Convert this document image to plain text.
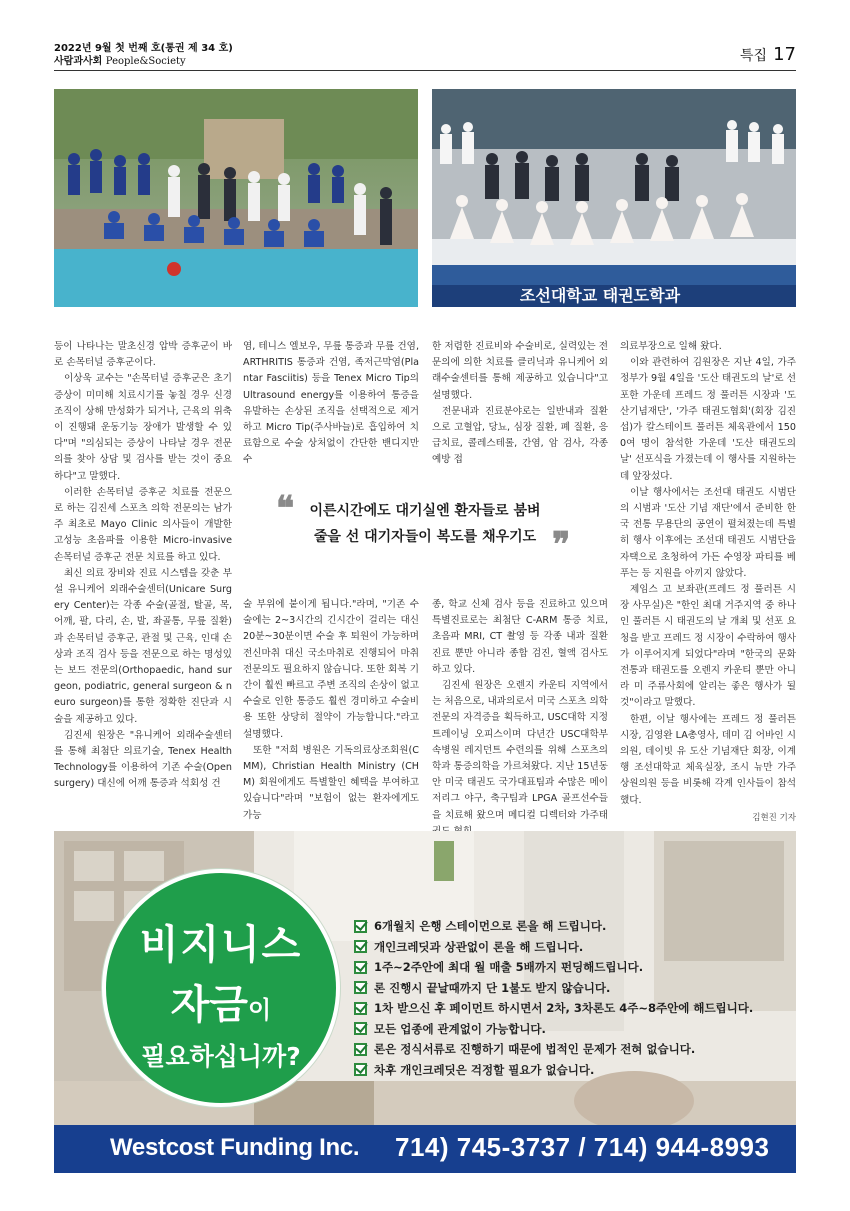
2022년 9월 첫 번째 호(통권 제 34 호)
사람과사회 People&Society	특집 17
조선대학교 태권도학과

등이 나타나는 말초신경 압박 증후군이 바로 손목터널 증후군이다.

이상욱 교수는 "손목터널 증후군은 초기 증상이 미미해 치료시기를 놓칠 경우 신경조직이 상해 만성화가 되거나, 근육의 위축이 진행돼 운동기능 장애가 발생할 수 있다"며 "의심되는 증상이 나타날 경우 전문의를 찾아 상담 및 검사를 받는 것이 중요하다"고 말했다.

이러한 손목터널 증후군 치료를 전문으로 하는 김진세 스포츠 의학 전문의는 남가주 최초로 Mayo Clinic 의사들이 개발한 고성능 초음파를 이용한 Micro-invasive 손목터널 증후군 전문 치료를 하고 있다.

최신 의료 장비와 진료 시스템을 갖춘 부설 유니케어 외래수술센터(Unicare Surgery Center)는 각종 수술(골절, 탈골, 목, 어깨, 팔, 다리, 손, 발, 좌골통, 무릎 질환)과 손목터널 증후군, 관절 및 근육, 인대 손상과 조직 검사 등을 전문으로 하는 명성있는 보드 전문의(Orthopaedic, hand surgeon, podiatric, general surgeon & neuro surgeon)를 통한 정확한 진단과 시술을 제공하고 있다.

김진세 원장은 "유니케어 외래수술센터를 통해 최첨단 의료기술, Tenex Health Technology를 이용하여 기존 수술(Open surgery) 대신에 어깨 통증과 석회성 건

염, 테니스 엘보우, 무릎 통증과 무릎 건염, ARTHRITIS 통증과 건염, 족저근막염(Plantar Fasciitis) 등을 Tenex Micro Tip의 Ultrasound energy를 이용하여 통증을 유발하는 손상된 조직을 선택적으로 제거하고 Micro Tip(주사바늘)로 흡입하여 치료함으로 수술 상처없이 간단한 밴디지만 수

한 저렴한 진료비와 수술비로, 실력있는 전문의에 의한 치료를 클리닉과 유니케어 외래수술센터를 통해 제공하고 있습니다"고 설명했다.

전문내과 진료분야로는 일반내과 질환으로 고혈압, 당뇨, 심장 질환, 폐 질환, 응급치료, 콜레스테롤, 간염, 암 검사, 각종 예방 접

❝	이른시간에도 대기실엔 환자들로 붐벼
줄을 선 대기자들이 복도를 채우기도 ❞

술 부위에 붙이게 됩니다."라며, "기존 수술에는 2~3시간의 긴시간이 걸리는 대신 20분~30분이면 수술 후 퇴원이 가능하며 전신마취 대신 국소마취로 진행되어 마취전문의도 필요하지 않습니다. 또한 회복 기간이 훨씬 빠르고 주변 조직의 손상이 없고 수술로 인한 통증도 훨씬 경미하고 수술비용 또한 상당히 절약이 가능합니다."라고 설명했다.

또한 "저희 병원은 기독의료상조회원(CMM), Christian Health Ministry (CHM) 회원에게도 특별할인 혜택을 부여하고 있습니다"라며 "보험이 없는 환자에게도 가능

종, 학교 신체 검사 등을 진료하고 있으며 특별진료로는 최첨단 C-ARM 통증 치료, 초음파 MRI, CT 촬영 등 각종 내과 질환 진료 뿐만 아니라 종합 검진, 혈액 검사도 하고 있다.

김진세 원장은 오렌지 카운티 지역에서는 처음으로, 내과의로서 미국 스포츠 의학 전문의 자격증을 획득하고, USC대학 지정 트레이닝 오피스이며 다년간 USC대학부속병원 레지던트 수련의를 위해 스포츠의학과 통증의학을 가르쳐왔다. 지난 15년동안 미국 태권도 국가대표팀과 수많은 메이저리그 야구, 축구팀과 LPGA 골프선수들을 치료해 왔으며 메디컬 디렉터와 가주태

의료부장으로 일해 왔다.

이와 관련하여 김원장은 지난 4일, 가주정부가 9월 4일을 '도산 태권도의 날'로 선포한 가운데 프레드 정 풀러튼 시장과 '도산기념재단', '가주 태권도협회'(회장 김진섭)가 칼스테이트 풀러튼 체육관에서 1500여 명이 참석한 가운데 '도산 태권도의 날' 선포식을 가졌는데 이 행사를 지원하는데 앞장섰다.

이날 행사에서는 조선대 태권도 시범단의 시범과 '도산 기념 재단'에서 준비한 한국 전통 무용단의 공연이 펼쳐졌는데 특별히 행사 이후에는 조선대 태권도 시범단을 자택으로 초청하여 가든 수영장 파티를 베푸는 등 지원을 아끼지 않았다.

제임스 고 보좌관(프레드 정 풀러튼 시장 사무실)은 "한인 최대 거주지역 중 하나인 풀러튼 시 태권도의 날 개최 및 선포 요청을 받고 프레드 정 시장이 수락하여 행사가 이루어지게 되었다"라며 "한국의 문화 전통과 태권도를 오렌지 카운티 뿐만 아니라 미 주류사회에 알리는 좋은 행사가 될 것"이라고 말했다.

한편, 이날 행사에는 프레드 정 풀러튼 시장, 김영완 LA총영사, 데미 김 어바인 시의원, 데이빗 유 도산 기념재단 회장, 이계행 조선대학교 체육실장, 조시 뉴만 가주 상원의원 등을 비롯해 각계 인사들이 참석했다.

김현진 기자
비지니스
자금이
필요하십니까?
6개월치 은행 스테이먼으로 론을 해 드립니다.
개인크레딧과 상관없이 론을 해 드립니다.
1주~2주안에 최대 월 매출 5배까지 펀딩해드립니다.
론 진행시 끝날때까지 단 1불도 받지 않습니다.
1차 받으신 후 페이먼트 하시면서 2차, 3차론도 4주~8주안에 해드립니다.
모든 업종에 관계없이 가능합니다.
론은 정식서류로 진행하기 때문에 법적인 문제가 전혀 없습니다.
차후 개인크레딧은 걱정할 필요가 없습니다.
Westcost Funding Inc. 714) 745-3737 / 714) 944-8993
